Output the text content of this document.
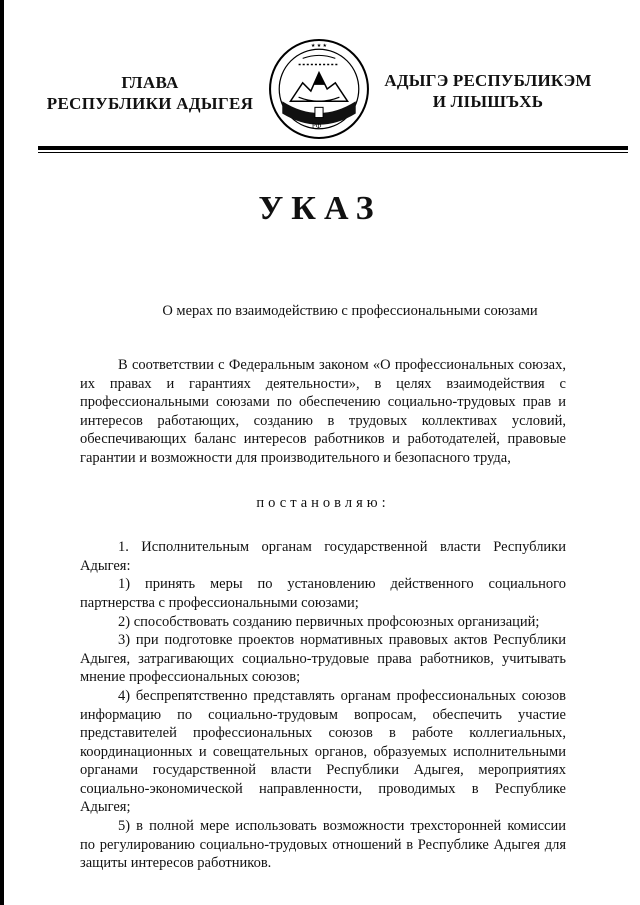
ГЛАВА
РЕСПУБЛИКИ АДЫГЕЯ
★ ★ ★
РФ
АДЫГЭ РЕСПУБЛИКЭМ
И ЛIЫШЪХЬ
УКАЗ
О мерах по взаимодействию с профессиональными союзами

В соответствии с Федеральным законом «О профессиональных союзах, их правах и гарантиях деятельности», в целях взаимодействия с профессиональными союзами по обеспечению социально-трудовых прав и интересов работающих, созданию в трудовых коллективах условий, обеспечивающих баланс интересов работников и работодателей, правовые гарантии и возможности для производительного и безопасного труда,

постановляю:

1. Исполнительным органам государственной власти Республики Адыгея:

1) принять меры по установлению действенного социального партнерства с профессиональными союзами;

2) способствовать созданию первичных профсоюзных организаций;

3) при подготовке проектов нормативных правовых актов Республики Адыгея, затрагивающих социально-трудовые права работников, учитывать мнение профессиональных союзов;

4) беспрепятственно представлять органам профессиональных союзов информацию по социально-трудовым вопросам, обеспечить участие представителей профессиональных союзов в работе коллегиальных, координационных и совещательных органов, образуемых исполнительными органами государственной власти Республики Адыгея, мероприятиях социально-экономической направленности, проводимых в Республике Адыгея;

5) в полной мере использовать возможности трехсторонней комиссии по регулированию социально-трудовых отношений в Республике Адыгея для защиты интересов работников.
